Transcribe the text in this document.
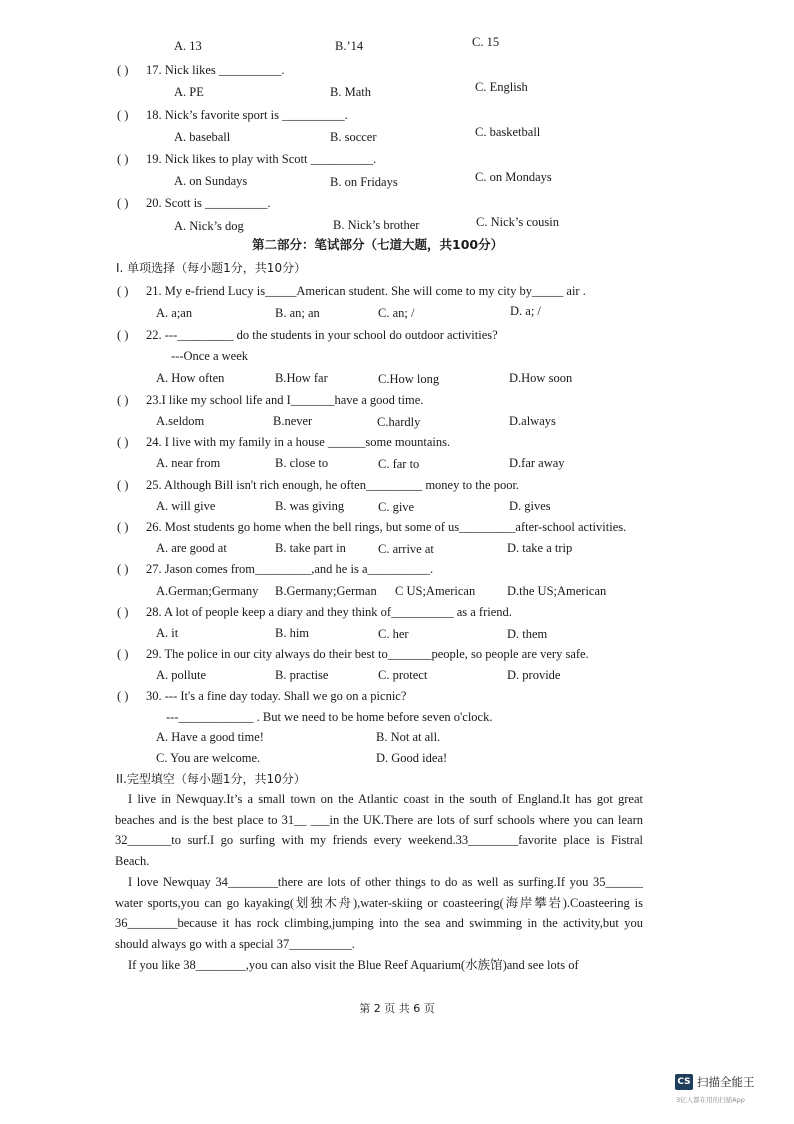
A. 13	B.’14	C. 15
( ) 17. Nick likes __________.
A. PE	B. Math	C. English
( ) 18. Nick’s favorite sport is __________.
A. baseball	B. soccer	C. basketball
( ) 19. Nick likes to play with Scott __________.
A. on Sundays	B. on Fridays	C. on Mondays
( ) 20. Scott is __________.
A. Nick’s dog	B. Nick’s brother	C. Nick’s cousin
第二部分：笔试部分（七道大题，共100分）
I. 单项选择（每小题1分，共10分）
( ) 21. My e-friend Lucy is_____American student. She will come to my city by_____ air .
A. a;an	B. an; an	C. an; /	D. a; /
( ) 22. ---_________ do the students in your school do outdoor activities?
---Once a week
A. How often	B.How far	C.How long	D.How soon
( ) 23.I like my school life and I_______have a good time.
A.seldom	B.never	C.hardly	D.always
( ) 24. I live with my family in a house ______some mountains.
A. near from	B. close to	C. far to	D.far away
( ) 25. Although Bill isn't rich enough, he often_________ money to the poor.
A. will give	B. was giving	C. give	D. gives
( ) 26. Most students go home when the bell rings, but some of us_________after-school activities.
A. are good at	B. take part in	C. arrive at	D. take a trip
( ) 27. Jason comes from_________,and he is a__________.
A.German;Germany B.Germany;German C US;American	D.the US;American
( ) 28. A lot of people keep a diary and they think of__________ as a friend.
A. it	B. him	C. her	D. them
( ) 29. The police in our city always do their best to_______people, so people are very safe.
A. pollute	B. practise	C. protect	D. provide
( ) 30. --- It's a fine day today. Shall we go on a picnic?
---____________ . But we need to be home before seven o'clock.
A. Have a good time!	B. Not at all.
C. You are welcome.	D. Good idea!
II.完型填空（每小题1分，共10分）

I live in Newquay.It’s a small town on the Atlantic coast in the south of England.It has got great beaches and is the best place to 31__ ___in the UK.There are lots of surf schools where you can learn 32_______to surf.I go surfing with my friends every weekend.33________favorite place is Fistral Beach.

I love Newquay 34________there are lots of other things to do as well as surfing.If you 35______ water sports,you can go kayaking(划独木舟),water-skiing or coasteering(海岸攀岩).Coasteering is 36________because it has rock climbing,jumping into the sea and swimming in the activity,but you should always go with a special 37__________.

If you like 38________,you can also visit the Blue Reef Aquarium(水族馆)and see lots of

第 2 页 共 6 页
CS 扫描全能王
3亿人都在用的扫描App
